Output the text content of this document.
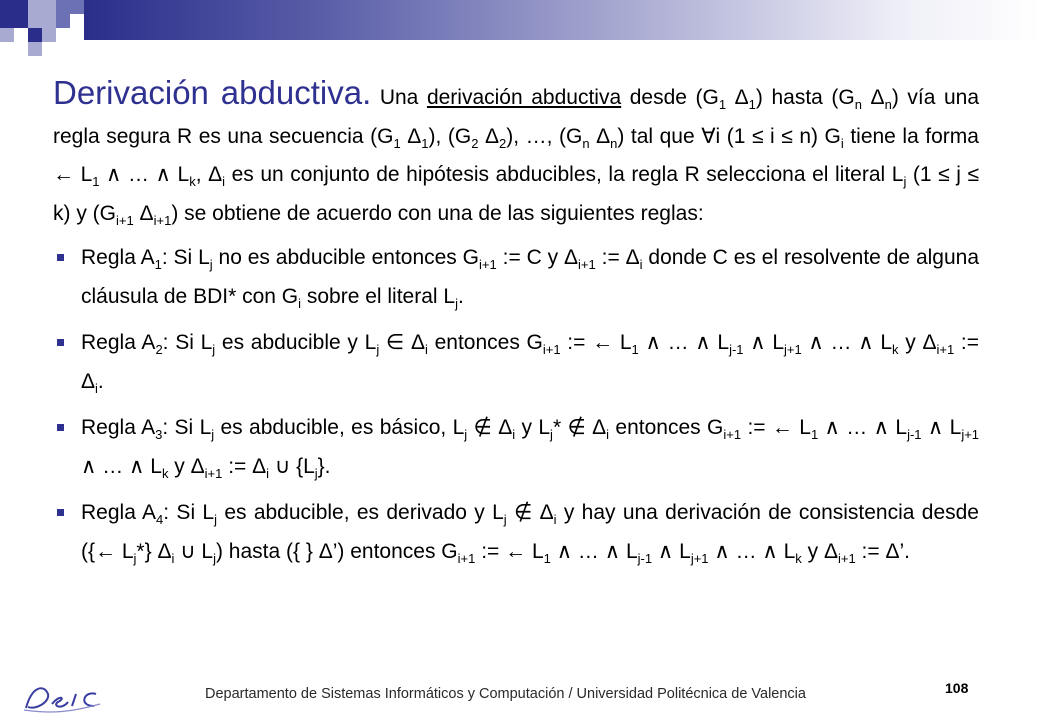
Derivación abductiva. Una derivación abductiva desde ($G_1$ $\Delta_1$) hasta ($G_n$ $\Delta_n$) vía una regla segura R es una secuencia ($G_1$ $\Delta_1$), ($G_2$ $\Delta_2$), …, ($G_n$ $\Delta_n$) tal que ∀i (1 ≤ i ≤ n) $G_i$ tiene la forma ← $L_1$ ∧ … ∧ $L_k$, $\Delta_i$ es un conjunto de hipótesis abducibles, la regla R selecciona el literal $L_j$ (1 ≤ j ≤ k) y ($G_{i+1}$ $\Delta_{i+1}$) se obtiene de acuerdo con una de las siguientes reglas:

Regla $A_1$: Si $L_j$ no es abducible entonces $G_{i+1}$ := C y $\Delta_{i+1}$ := $\Delta_i$ donde C es el resolvente de alguna cláusula de BDI* con $G_i$ sobre el literal $L_j$.

Regla $A_2$: Si $L_j$ es abducible y $L_j$ ∈ $\Delta_i$ entonces $G_{i+1}$ := ← $L_1$ ∧ … ∧ $L_{j-1}$ ∧ $L_{j+1}$ ∧ … ∧ $L_k$ y $\Delta_{i+1}$ := $\Delta_i$.

Regla $A_3$: Si $L_j$ es abducible, es básico, $L_j$ ∉ $\Delta_i$ y $L_j*$ ∉ $\Delta_i$ entonces $G_{i+1}$ := ← $L_1$ ∧ … ∧ $L_{j-1}$ ∧ $L_{j+1}$ ∧ … ∧ $L_k$ y $\Delta_{i+1}$ := $\Delta_i$ ∪ $\{L_j\}$.

Regla $A_4$: Si $L_j$ es abducible, es derivado y $L_j$ ∉ $\Delta_i$ y hay una derivación de consistencia desde ({← $L_j*$} $\Delta_i$ ∪ $L_j$) hasta ({ } Δ’) entonces $G_{i+1}$ := ← $L_1$ ∧ … ∧ $L_{j-1}$ ∧ $L_{j+1}$ ∧ … ∧ $L_k$ y $\Delta_{i+1}$ := Δ’.

Departamento de Sistemas Informáticos y Computación / Universidad Politécnica de Valencia	108
